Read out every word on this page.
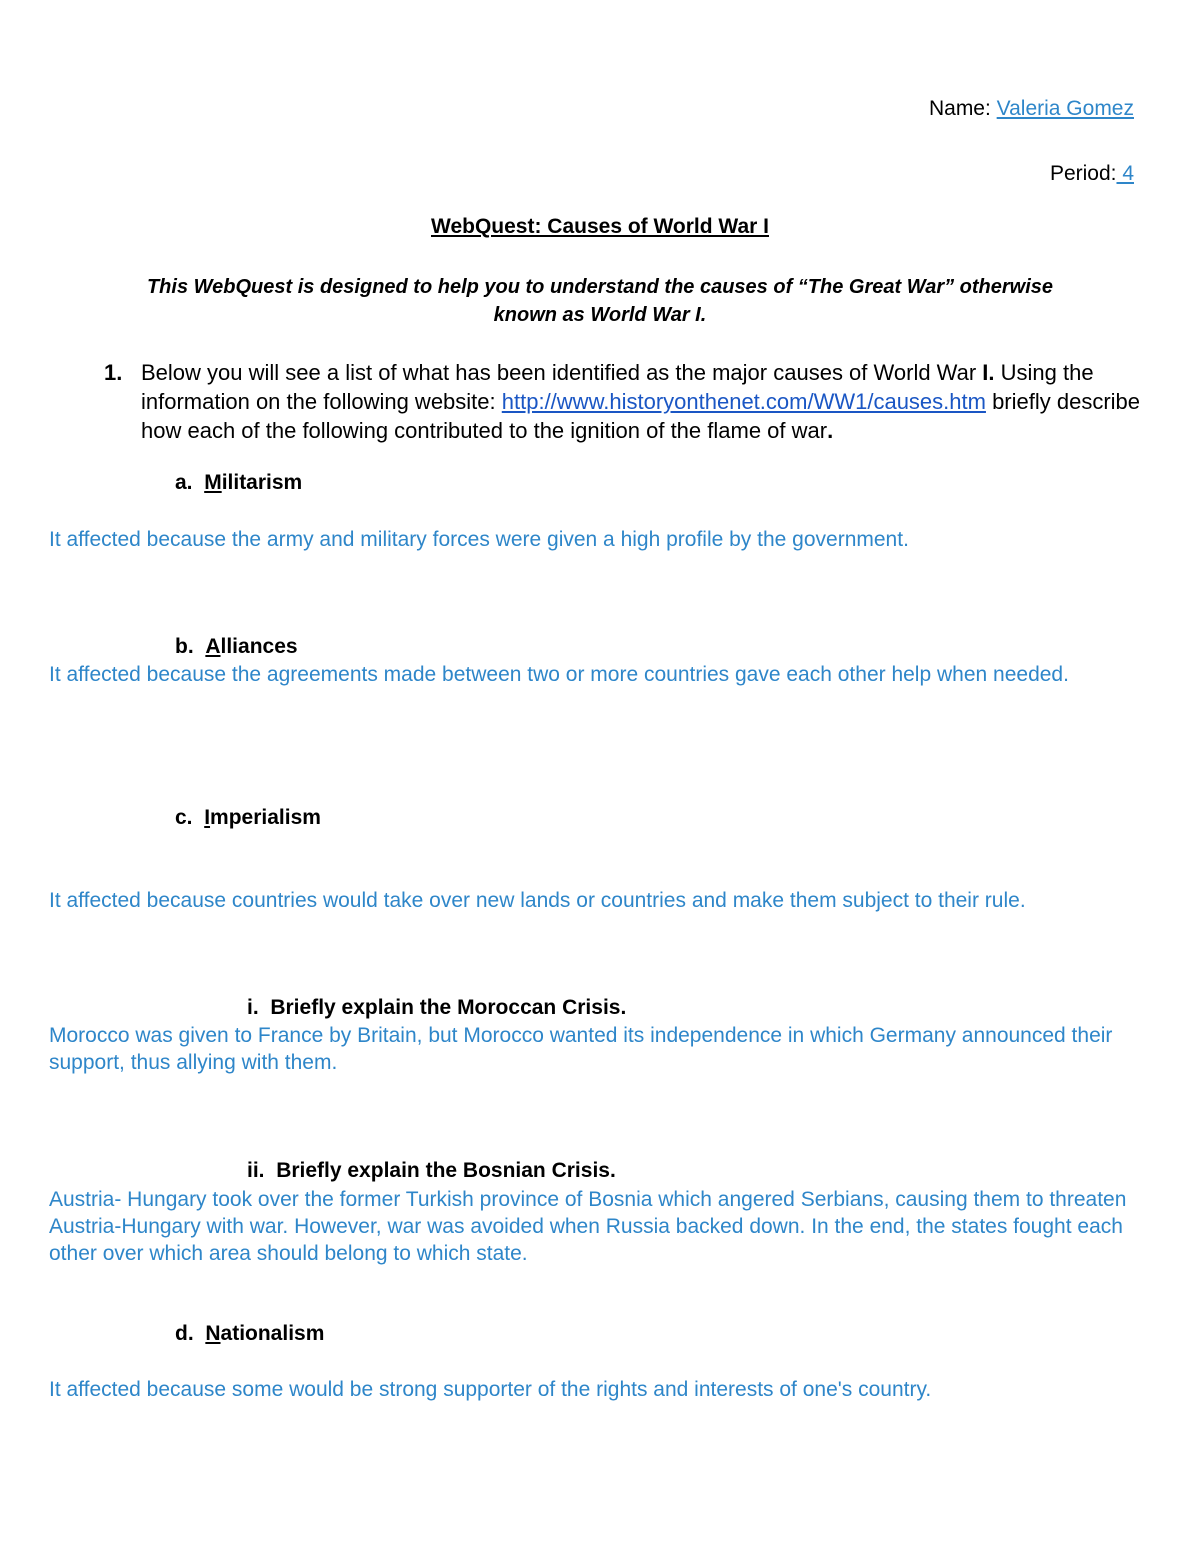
Name: Valeria Gomez
Period: 4
WebQuest: Causes of World War I
This WebQuest is designed to help you to understand the causes of “The Great War” otherwise
known as World War I.
1. Below you will see a list of what has been identified as the major causes of World War I. Using the information on the following website: http://www.historyonthenet.com/WW1/causes.htm briefly describe how each of the following contributed to the ignition of the flame of war.
a. Militarism
It affected because the army and military forces were given a high profile by the government.
b. Alliances
It affected because the agreements made between two or more countries gave each other help when needed.
c. Imperialism
It affected because countries would take over new lands or countries and make them subject to their rule.
i. Briefly explain the Moroccan Crisis.
Morocco was given to France by Britain, but Morocco wanted its independence in which Germany announced their support, thus allying with them.
ii. Briefly explain the Bosnian Crisis.
Austria- Hungary took over the former Turkish province of Bosnia which angered Serbians, causing them to threaten Austria-Hungary with war. However, war was avoided when Russia backed down. In the end, the states fought each other over which area should belong to which state.
d. Nationalism
It affected because some would be strong supporter of the rights and interests of one's country.
